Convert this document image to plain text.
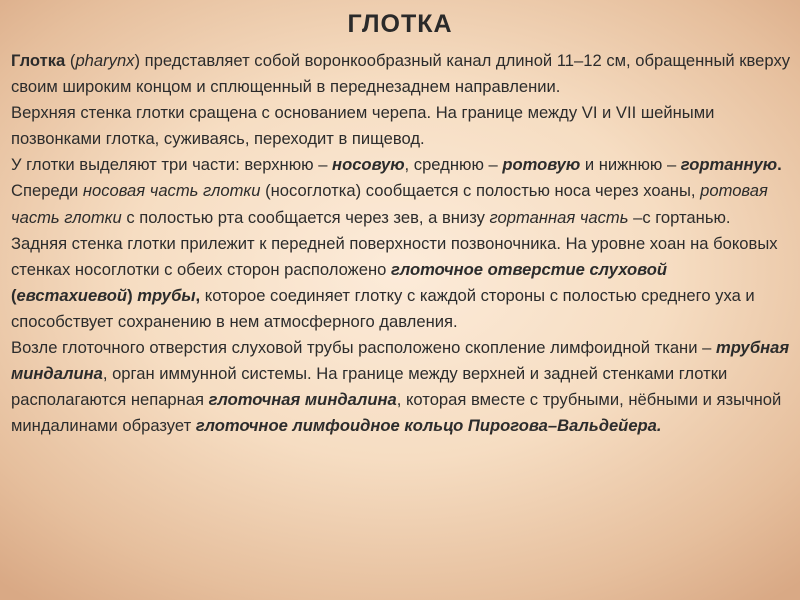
ГЛОТКА

Глотка (pharynx) представляет собой воронкообразный канал длиной 11–12 см, обращенный кверху своим широким концом и сплющенный в переднезаднем направлении.

Верхняя стенка глотки сращена с основанием черепа. На границе между VI и VII шейными позвонками глотка, суживаясь, переходит в пищевод.

У глотки выделяют три части: верхнюю – носовую, среднюю – ротовую и нижнюю – гортанную.

Спереди носовая часть глотки (носоглотка) сообщается с полостью носа через хоаны, ротовая часть глотки с полостью рта сообщается через зев, а внизу гортанная часть –с гортанью.

Задняя стенка глотки прилежит к передней поверхности позвоночника. На уровне хоан на боковых стенках носоглотки с обеих сторон расположено глоточное отверстие слуховой (евстахиевой) трубы, которое соединяет глотку с каждой стороны с полостью среднего уха и способствует сохранению в нем атмосферного давления.

Возле глоточного отверстия слуховой трубы расположено скопление лимфоидной ткани – трубная миндалина, орган иммунной системы. На границе между верхней и задней стенками глотки располагаются непарная глоточная миндалина, которая вместе с трубными, нёбными и язычной миндалинами образует глоточное лимфоидное кольцо Пирогова–Вальдейера.
